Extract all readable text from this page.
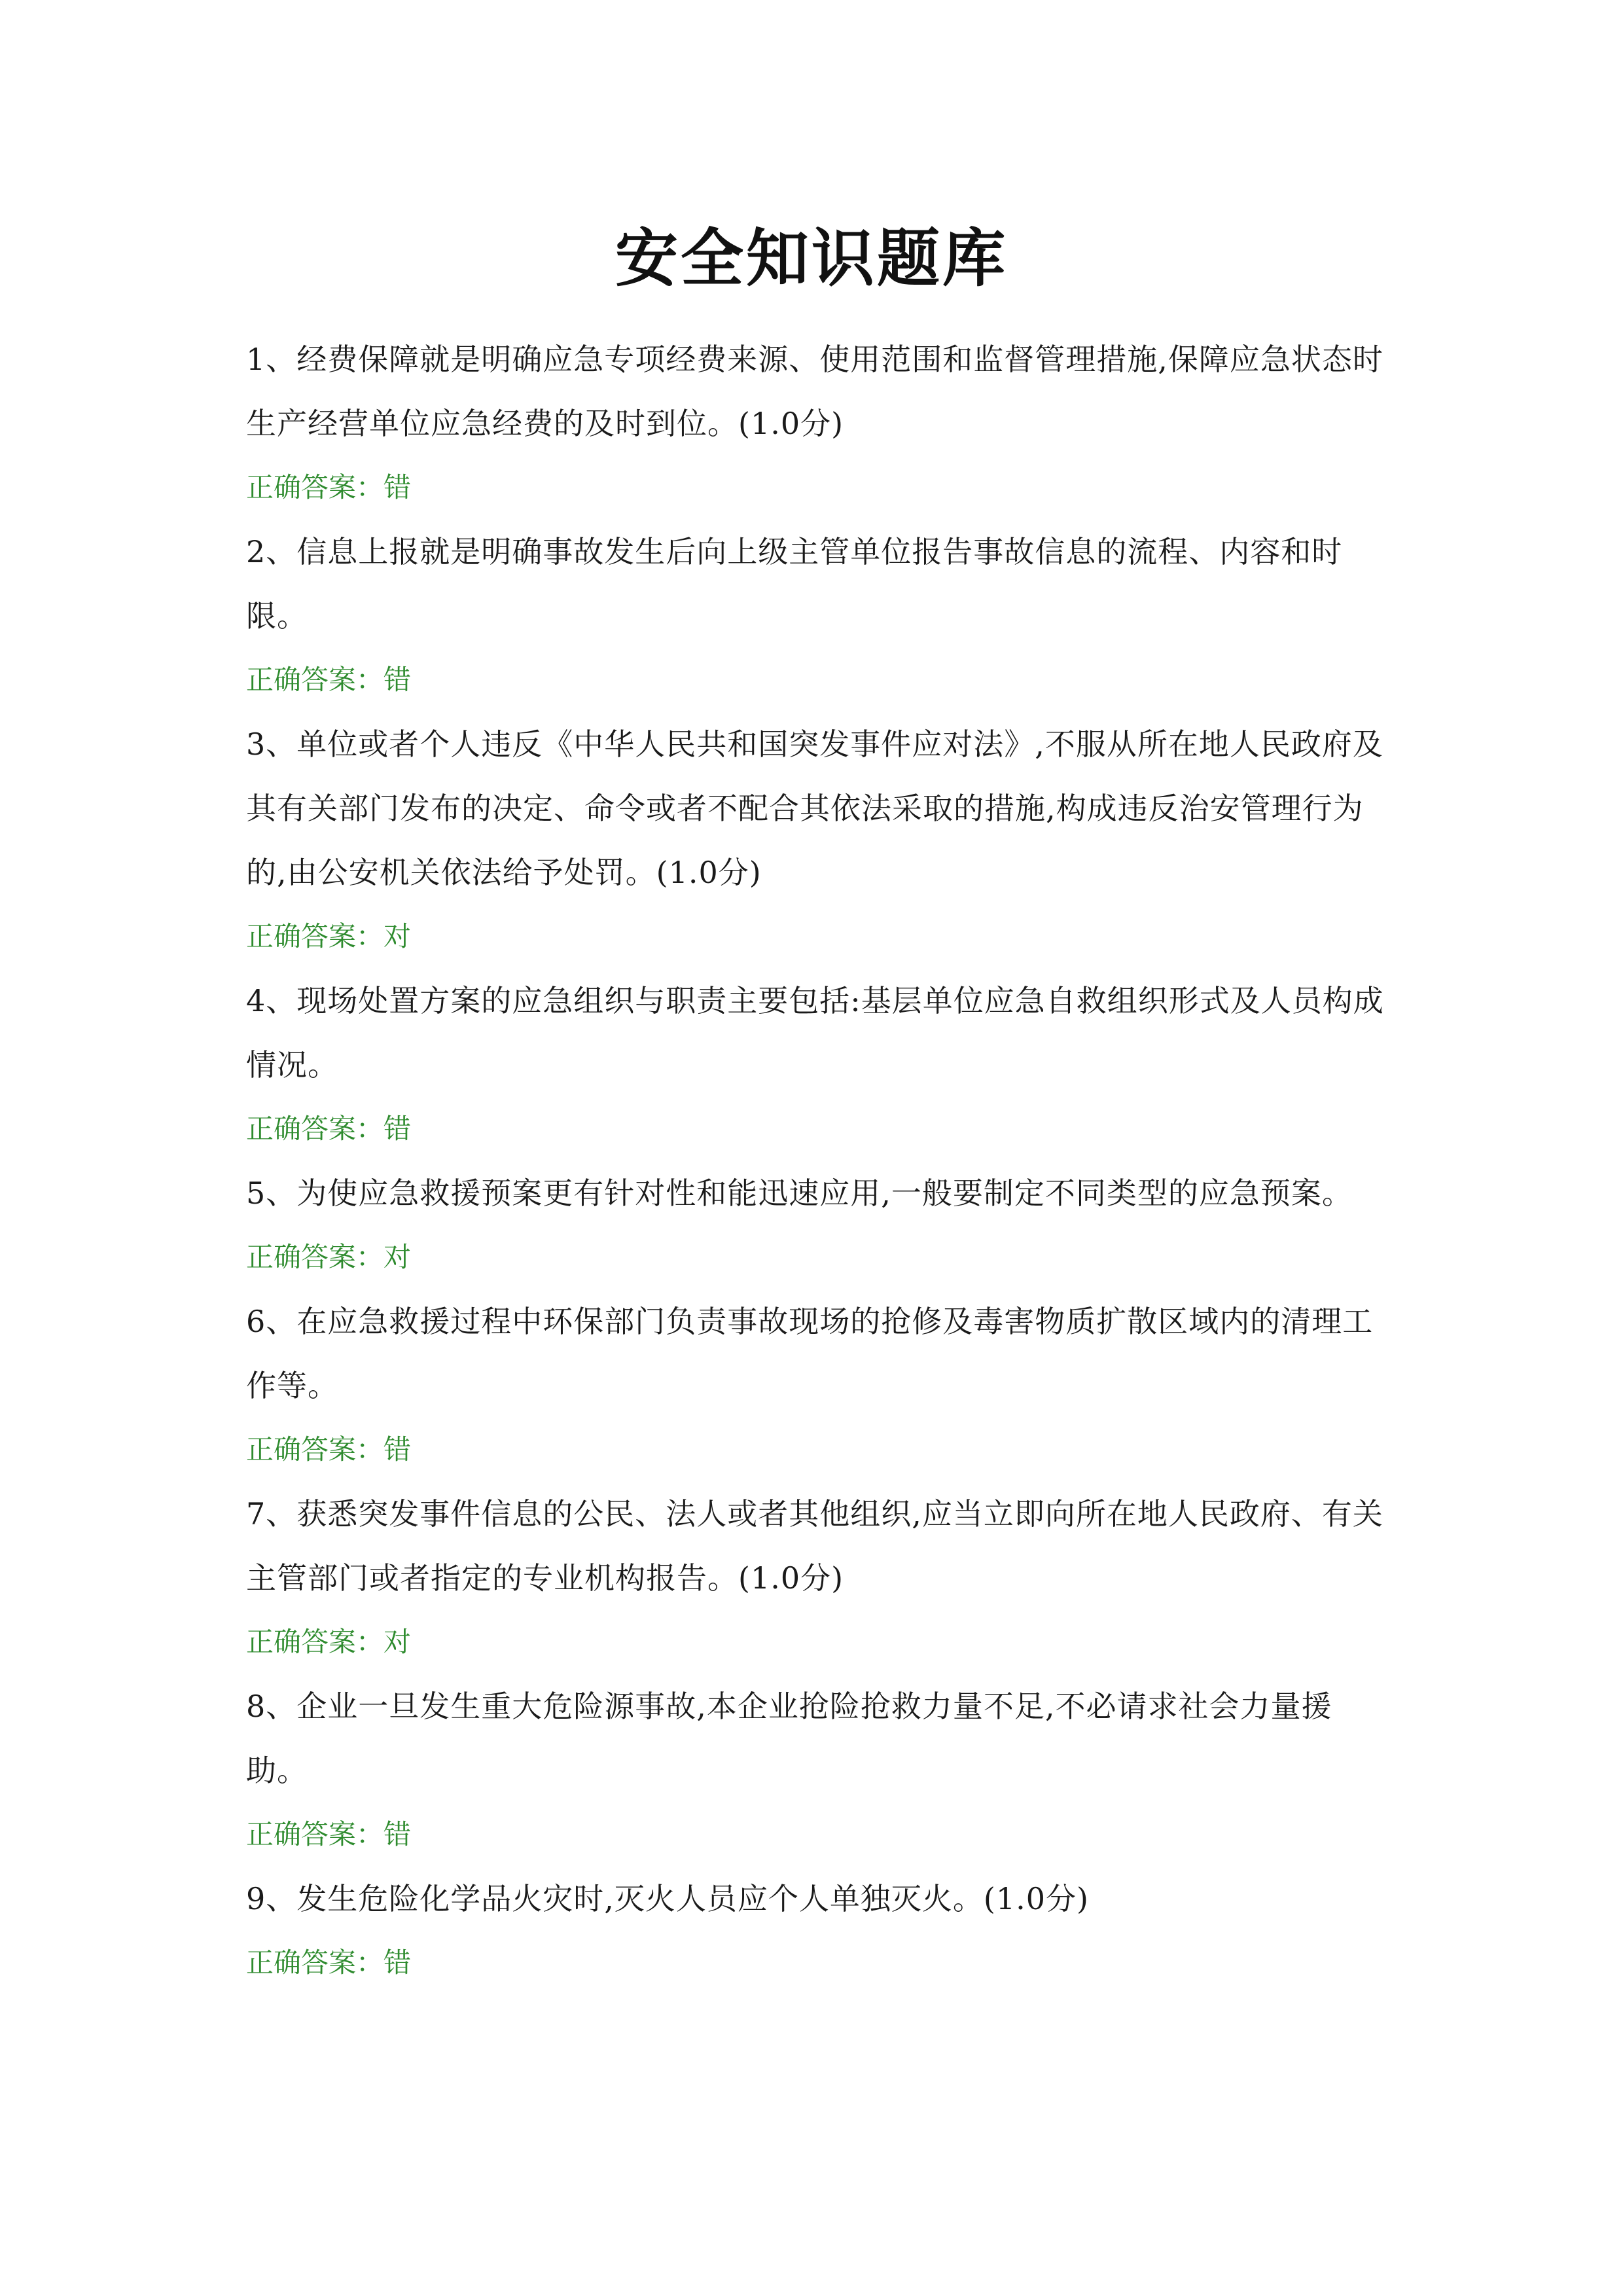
安全知识题库

1、经费保障就是明确应急专项经费来源、使用范围和监督管理措施,保障应急状态时生产经营单位应急经费的及时到位。(1.0分)

正确答案：错

2、信息上报就是明确事故发生后向上级主管单位报告事故信息的流程、内容和时限。

正确答案：错

3、单位或者个人违反《中华人民共和国突发事件应对法》,不服从所在地人民政府及其有关部门发布的决定、命令或者不配合其依法采取的措施,构成违反治安管理行为的,由公安机关依法给予处罚。(1.0分)

正确答案：对

4、现场处置方案的应急组织与职责主要包括:基层单位应急自救组织形式及人员构成情况。

正确答案：错

5、为使应急救援预案更有针对性和能迅速应用,一般要制定不同类型的应急预案。

正确答案：对

6、在应急救援过程中环保部门负责事故现场的抢修及毒害物质扩散区域内的清理工作等。

正确答案：错

7、获悉突发事件信息的公民、法人或者其他组织,应当立即向所在地人民政府、有关主管部门或者指定的专业机构报告。(1.0分)

正确答案：对

8、企业一旦发生重大危险源事故,本企业抢险抢救力量不足,不必请求社会力量援助。

正确答案：错

9、发生危险化学品火灾时,灭火人员应个人单独灭火。(1.0分)

正确答案：错
